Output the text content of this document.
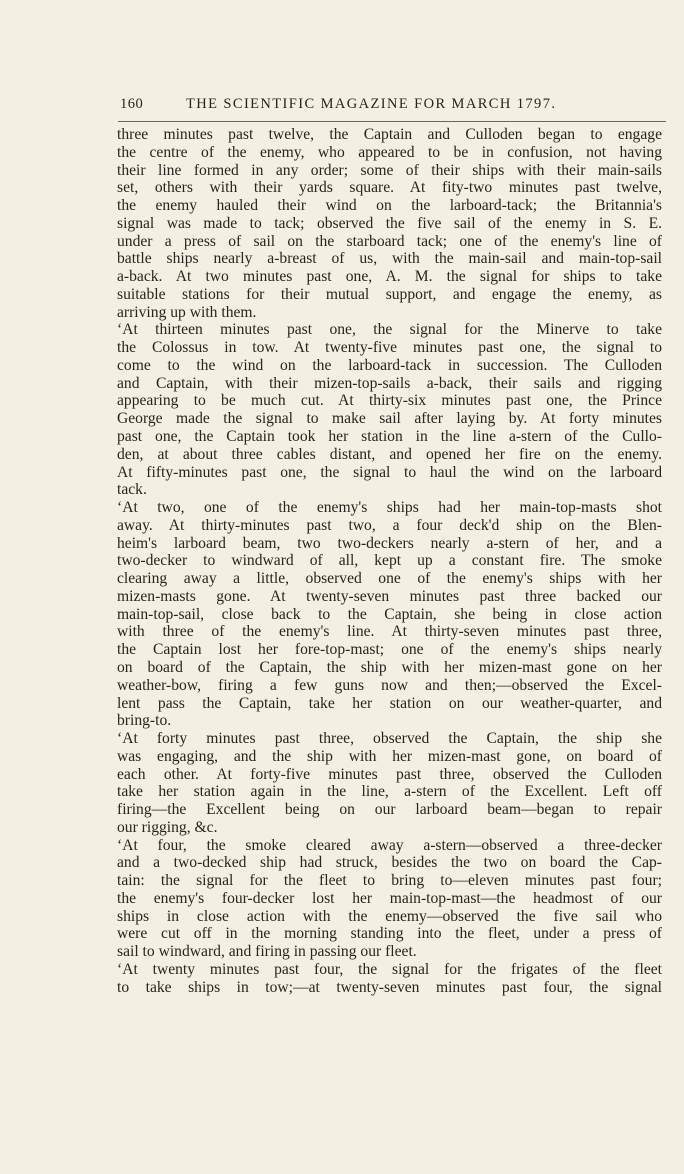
160	THE SCIENTIFIC MAGAZINE FOR MARCH 1797.
three minutes past twelve, the Captain and Culloden began to engage
the centre of the enemy, who appeared to be in confusion, not having
their line formed in any order; some of their ships with their main-sails
set, others with their yards square. At fity-two minutes past twelve,
the enemy hauled their wind on the larboard-tack; the Britannia's
signal was made to tack; observed the five sail of the enemy in S. E.
under a press of sail on the starboard tack; one of the enemy's line of
battle ships nearly a-breast of us, with the main-sail and main-top-sail
a-back. At two minutes past one, A. M. the signal for ships to take
suitable stations for their mutual support, and engage the enemy, as
arriving up with them.
‘At thirteen minutes past one, the signal for the Minerve to take
the Colossus in tow. At twenty-five minutes past one, the signal to
come to the wind on the larboard-tack in succession. The Culloden
and Captain, with their mizen-top-sails a-back, their sails and rigging
appearing to be much cut. At thirty-six minutes past one, the Prince
George made the signal to make sail after laying by. At forty minutes
past one, the Captain took her station in the line a-stern of the Cullo-
den, at about three cables distant, and opened her fire on the enemy.
At fifty-minutes past one, the signal to haul the wind on the larboard
tack.
‘At two, one of the enemy's ships had her main-top-masts shot
away. At thirty-minutes past two, a four deck'd ship on the Blen-
heim's larboard beam, two two-deckers nearly a-stern of her, and a
two-decker to windward of all, kept up a constant fire. The smoke
clearing away a little, observed one of the enemy's ships with her
mizen-masts gone. At twenty-seven minutes past three backed our
main-top-sail, close back to the Captain, she being in close action
with three of the enemy's line. At thirty-seven minutes past three,
the Captain lost her fore-top-mast; one of the enemy's ships nearly
on board of the Captain, the ship with her mizen-mast gone on her
weather-bow, firing a few guns now and then;—observed the Excel-
lent pass the Captain, take her station on our weather-quarter, and
bring-to.
‘At forty minutes past three, observed the Captain, the ship she
was engaging, and the ship with her mizen-mast gone, on board of
each other. At forty-five minutes past three, observed the Culloden
take her station again in the line, a-stern of the Excellent. Left off
firing—the Excellent being on our larboard beam—began to repair
our rigging, &c.
‘At four, the smoke cleared away a-stern—observed a three-decker
and a two-decked ship had struck, besides the two on board the Cap-
tain: the signal for the fleet to bring to—eleven minutes past four;
the enemy's four-decker lost her main-top-mast—the headmost of our
ships in close action with the enemy—observed the five sail who
were cut off in the morning standing into the fleet, under a press of
sail to windward, and firing in passing our fleet.
‘At twenty minutes past four, the signal for the frigates of the fleet
to take ships in tow;—at twenty-seven minutes past four, the signal
